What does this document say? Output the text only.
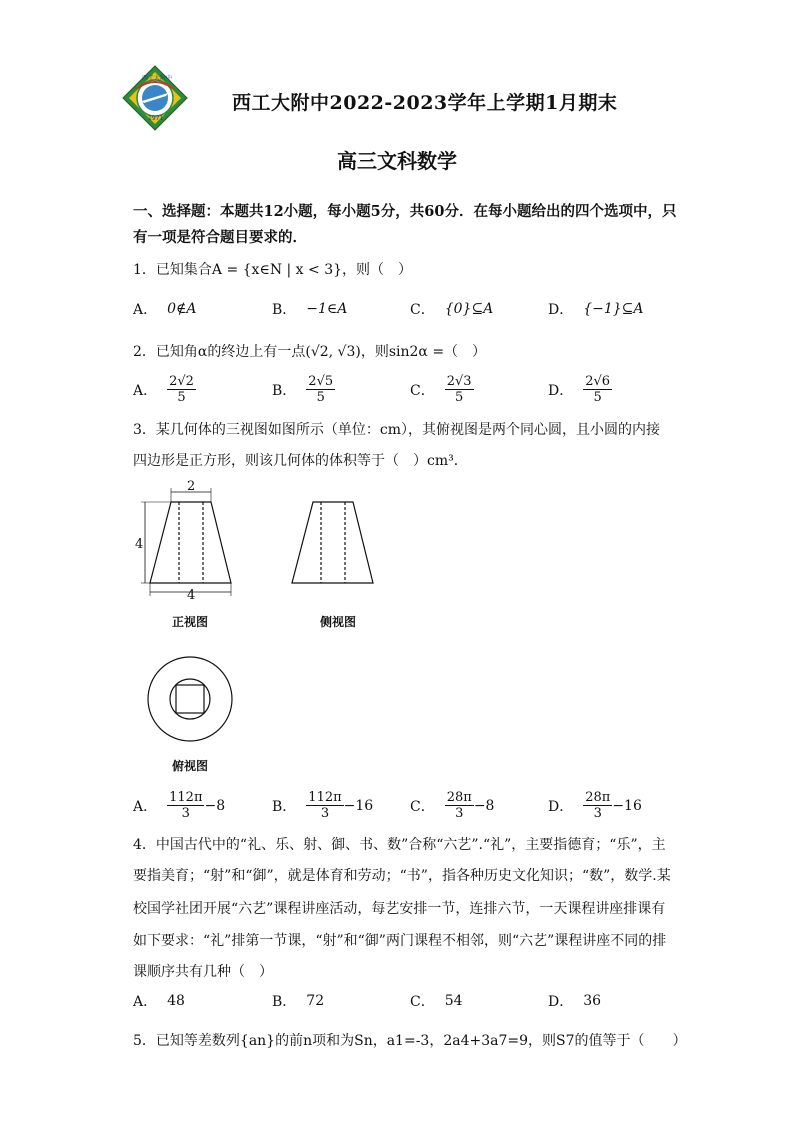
西工大附中
1971
西工大附中2022-2023学年上学期1月期末
高三文科数学
一、选择题：本题共12小题，每小题5分，共60分．在每小题给出的四个选项中，只
有一项是符合题目要求的．
1．已知集合A = {x∈N | x < 3}，则（　）
A． 0∉A	B． −1∈A	C． {0}⊆A	D． {−1}⊆A
2．已知角α的终边上有一点(√2, √3)，则sin2α =（　）
A． $\frac{2√2}{5}$	B． $\frac{2√5}{5}$	C． $\frac{2√3}{5}$	D． $\frac{2√6}{5}$
3．某几何体的三视图如图所示（单位：cm），其俯视图是两个同心圆，且小圆的内接
四边形是正方形，则该几何体的体积等于（　）cm³．
2
4
4
正视图	侧视图
俯视图
A． $\frac{112\pi}{3} -8$	B． $\frac{112\pi}{3} -16$	C． $\frac{28\pi}{3} -8$	D． $\frac{28\pi}{3} -16$
4．中国古代中的“礼、乐、射、御、书、数”合称“六艺”.“礼”，主要指德育；“乐”，主
要指美育；“射”和“御”，就是体育和劳动；“书”，指各种历史文化知识；“数”，数学.某
校国学社团开展“六艺”课程讲座活动，每艺安排一节，连排六节，一天课程讲座排课有
如下要求：“礼”排第一节课，“射”和“御”两门课程不相邻，则“六艺”课程讲座不同的排
课顺序共有几种（　）
A． 48	B． 72	C． 54	D． 36
5．已知等差数列{an}的前n项和为Sn，a1=-3，2a4+3a7=9，则S7的值等于（　　）
